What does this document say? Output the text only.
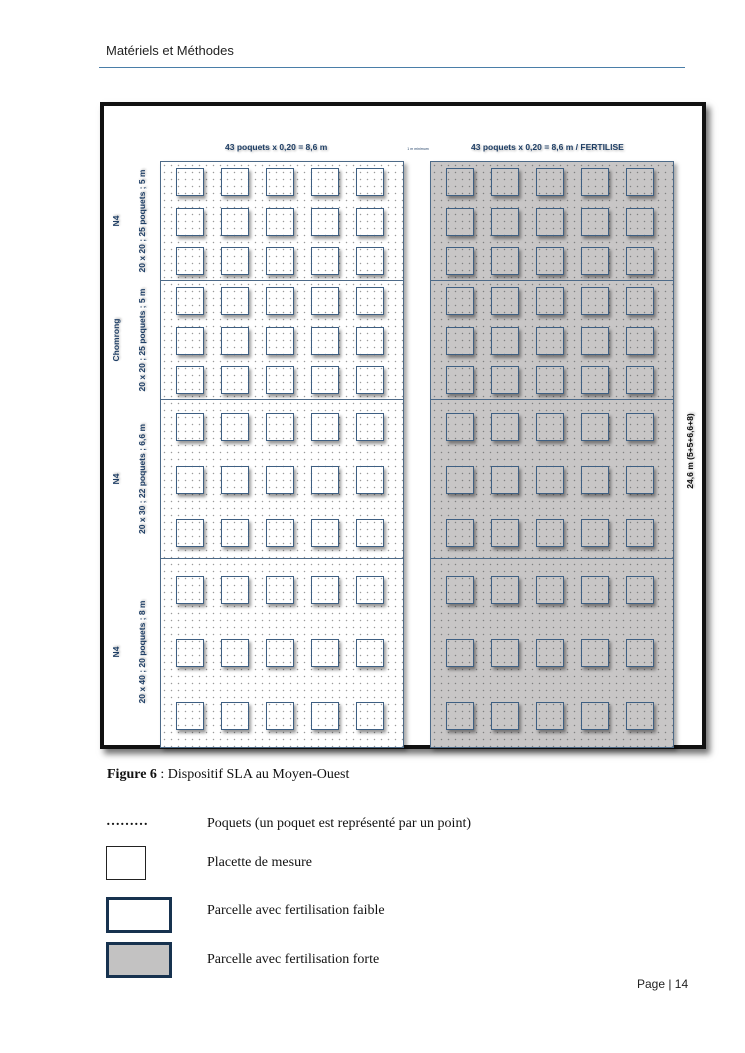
Matériels et Méthodes
43 poquets x 0,20 = 8,6 m	1 m minimum	43 poquets x 0,20 = 8,6 m / FERTILISE
24,6 m (5+5+6,6+8)
N4 20 x 20 ; 25 poquets ; 5 m
Chomrong 20 x 20 ; 25 poquets ; 5 m
N4 20 x 30 ; 22 poquets ; 6,6 m
N4 20 x 40 ; 20 poquets ; 8 m
Figure 6 : Dispositif SLA au Moyen-Ouest
………	Poquets (un poquet est représenté par un point)
Placette de mesure
Parcelle avec fertilisation faible
Parcelle avec fertilisation forte
Page | 14
